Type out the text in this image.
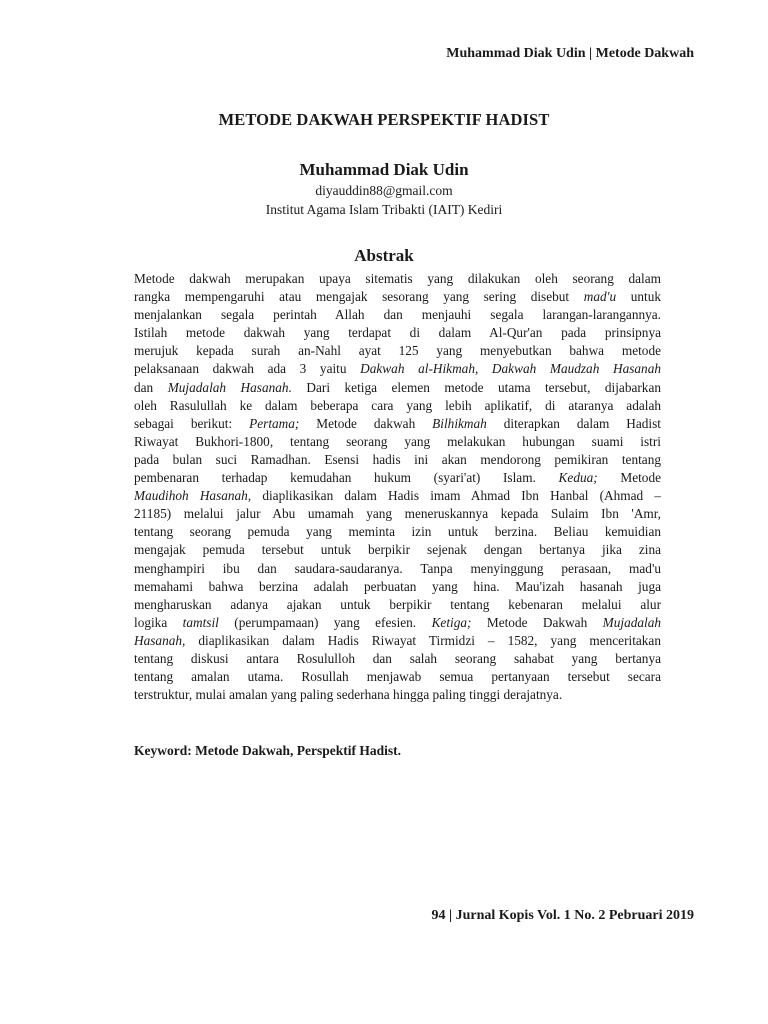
Muhammad Diak Udin | Metode Dakwah
METODE DAKWAH PERSPEKTIF HADIST
Muhammad Diak Udin
diyauddin88@gmail.com
Institut Agama Islam Tribakti (IAIT) Kediri
Abstrak
Metode dakwah merupakan upaya sitematis yang dilakukan oleh seorang dalam
rangka mempengaruhi atau mengajak sesorang yang sering disebut mad'u untuk
menjalankan segala perintah Allah dan menjauhi segala larangan-larangannya.
Istilah metode dakwah yang terdapat di dalam Al-Qur'an pada prinsipnya
merujuk kepada surah an-Nahl ayat 125 yang menyebutkan bahwa metode
pelaksanaan dakwah ada 3 yaitu Dakwah al-Hikmah, Dakwah Maudzah Hasanah
dan Mujadalah Hasanah. Dari ketiga elemen metode utama tersebut, dijabarkan
oleh Rasulullah ke dalam beberapa cara yang lebih aplikatif, di ataranya adalah
sebagai berikut: Pertama; Metode dakwah Bilhikmah diterapkan dalam Hadist
Riwayat Bukhori-1800, tentang seorang yang melakukan hubungan suami istri
pada bulan suci Ramadhan. Esensi hadis ini akan mendorong pemikiran tentang
pembenaran terhadap kemudahan hukum (syari'at) Islam. Kedua; Metode
Maudihoh Hasanah, diaplikasikan dalam Hadis imam Ahmad Ibn Hanbal (Ahmad –
21185) melalui jalur Abu umamah yang meneruskannya kepada Sulaim Ibn 'Amr,
tentang seorang pemuda yang meminta izin untuk berzina. Beliau kemuidian
mengajak pemuda tersebut untuk berpikir sejenak dengan bertanya jika zina
menghampiri ibu dan saudara-saudaranya. Tanpa menyinggung perasaan, mad'u
memahami bahwa berzina adalah perbuatan yang hina. Mau'izah hasanah juga
mengharuskan adanya ajakan untuk berpikir tentang kebenaran melalui alur
logika tamtsil (perumpamaan) yang efesien. Ketiga; Metode Dakwah Mujadalah
Hasanah, diaplikasikan dalam Hadis Riwayat Tirmidzi – 1582, yang menceritakan
tentang diskusi antara Rosululloh dan salah seorang sahabat yang bertanya
tentang amalan utama. Rosullah menjawab semua pertanyaan tersebut secara
terstruktur, mulai amalan yang paling sederhana hingga paling tinggi derajatnya.
Keyword: Metode Dakwah, Perspektif Hadist.
94 | Jurnal Kopis Vol. 1 No. 2 Pebruari 2019
